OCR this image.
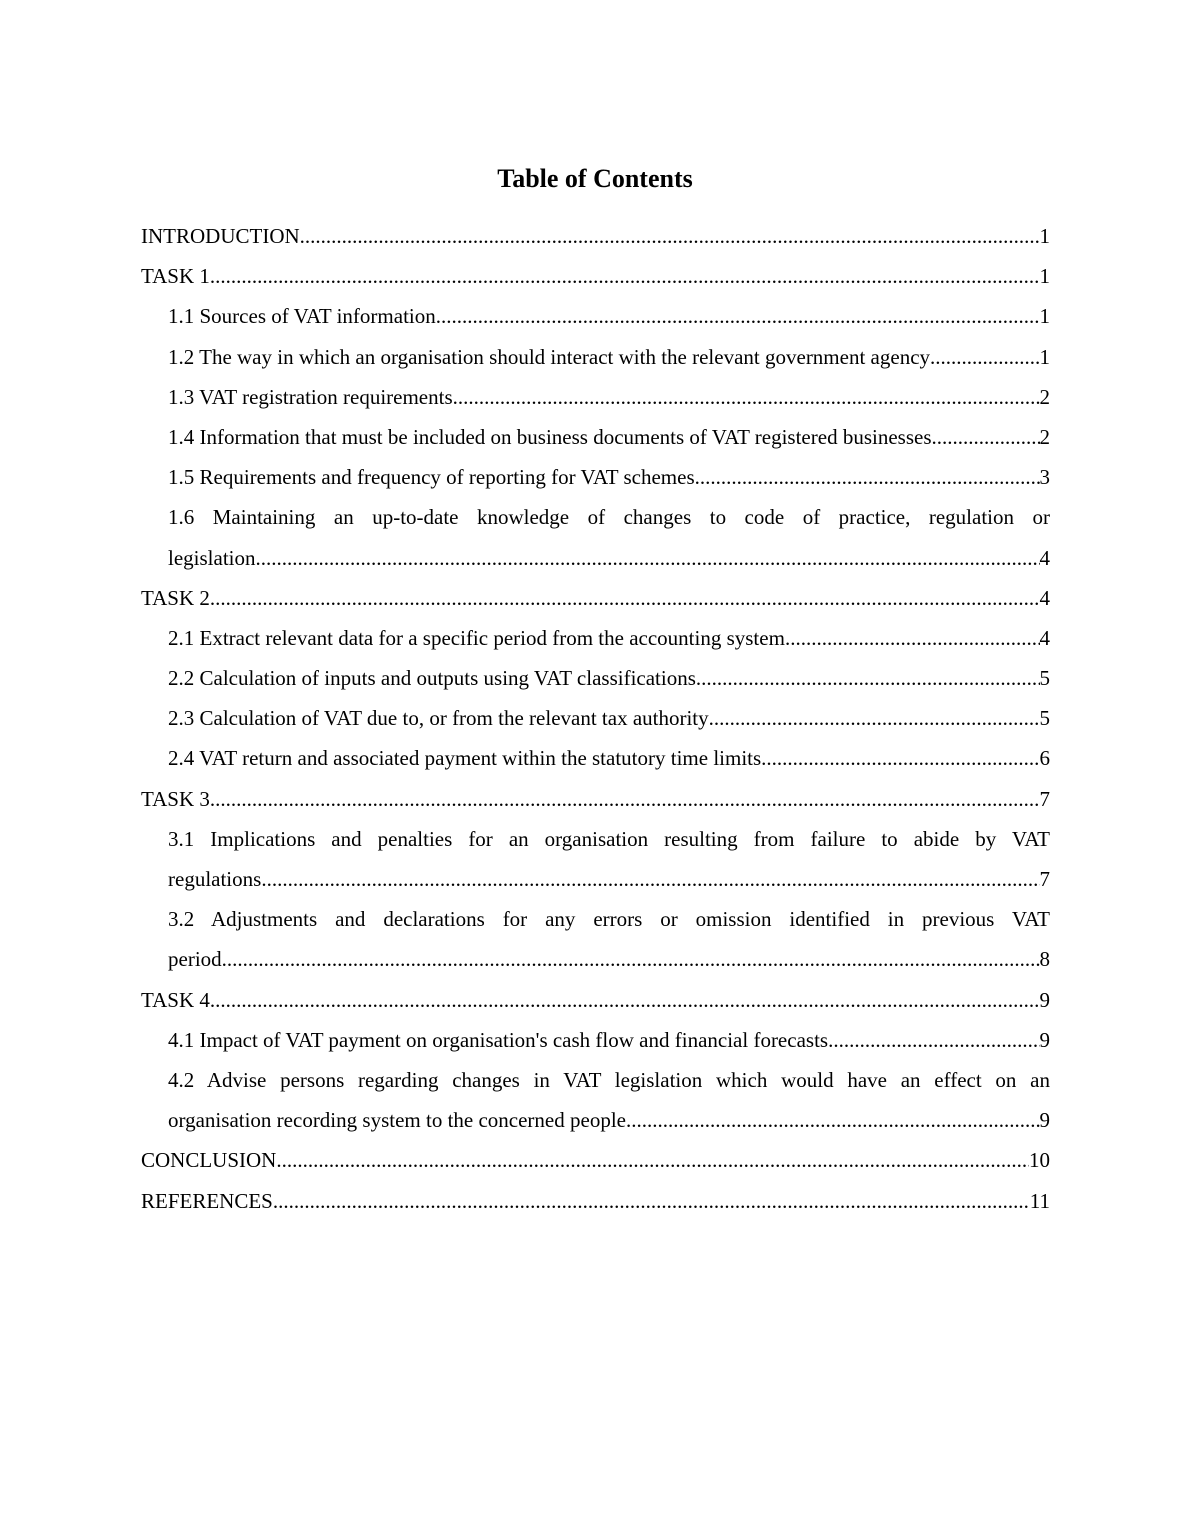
Table of Contents
INTRODUCTION .....	1
TASK 1 .....	1
1.1 Sources of VAT information .....	1
1.2 The way in which an organisation should interact with the relevant government agency .....	1
1.3 VAT registration requirements .....	2
1.4 Information that must be included on business documents of VAT registered businesses. .....	2
1.5 Requirements and frequency of reporting for VAT schemes .....	3
1.6 Maintaining an up-to-date knowledge of changes to code of practice, regulation or
legislation .....	4
TASK 2 .....	4
2.1 Extract relevant data for a specific period from the accounting system .....	4
2.2 Calculation of inputs and outputs using VAT classifications .....	5
2.3 Calculation of VAT due to, or from the relevant tax authority .....	5
2.4 VAT return and associated payment within the statutory time limits .....	6
TASK 3 .....	7
3.1 Implications and penalties for an organisation resulting from failure to abide by VAT
regulations .....	7
3.2 Adjustments and declarations for any errors or omission identified in previous VAT
period .....	8
TASK 4 .....	9
4.1 Impact of VAT payment on organisation's cash flow and financial forecasts .....	9
4.2 Advise persons regarding changes in VAT legislation which would have an effect on an
organisation recording system to the concerned people .....	9
CONCLUSION .....	10
REFERENCES .....	11
